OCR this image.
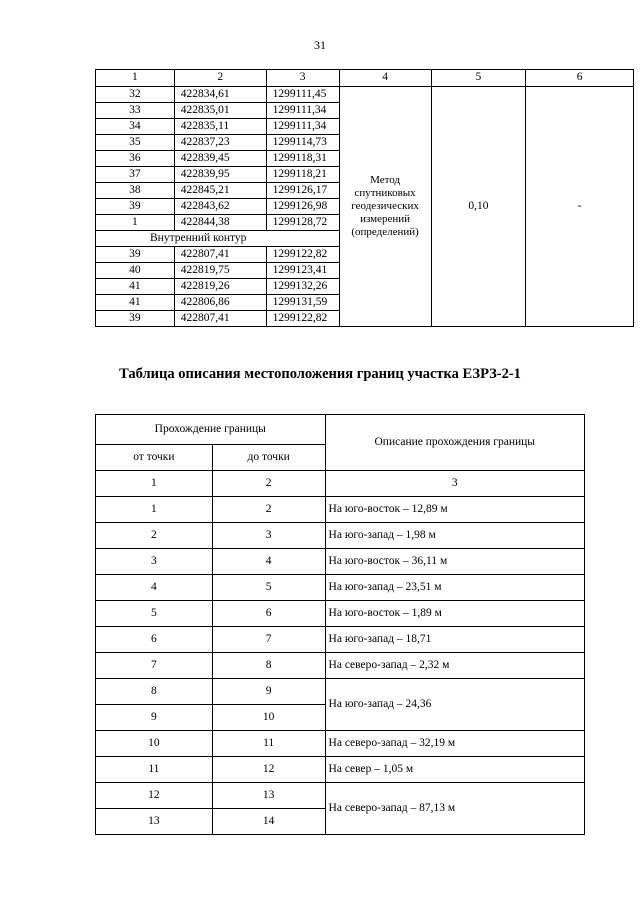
31
1	2	3	4	5	6
32	422834,61	1299111,45	Метод спутниковых геодезических измерений (определений)	0,10	-
33	422835,01	1299111,34			
34	422835,11	1299111,34			
35	422837,23	1299114,73			
36	422839,45	1299118,31			
37	422839,95	1299118,21			
38	422845,21	1299126,17			
39	422843,62	1299126,98			
1	422844,38	1299128,72			
Внутренний контур					
39	422807,41	1299122,82			
40	422819,75	1299123,41			
41	422819,26	1299132,26			
41	422806,86	1299131,59			
39	422807,41	1299122,82			
Таблица описания местоположения границ участка ЕЗРЗ-2-1
Прохождение границы		Описание прохождения границы
от точки	до точки	
1	2	3
1	2	На юго-восток – 12,89 м
2	3	На юго-запад – 1,98 м
3	4	На юго-восток – 36,11 м
4	5	На юго-запад – 23,51 м
5	6	На юго-восток – 1,89 м
6	7	На юго-запад – 18,71
7	8	На северо-запад – 2,32 м
8	9	На юго-запад – 24,36
9	10	
10	11	На северо-запад – 32,19 м
11	12	На север – 1,05 м
12	13	На северо-запад – 87,13 м
13	14	
